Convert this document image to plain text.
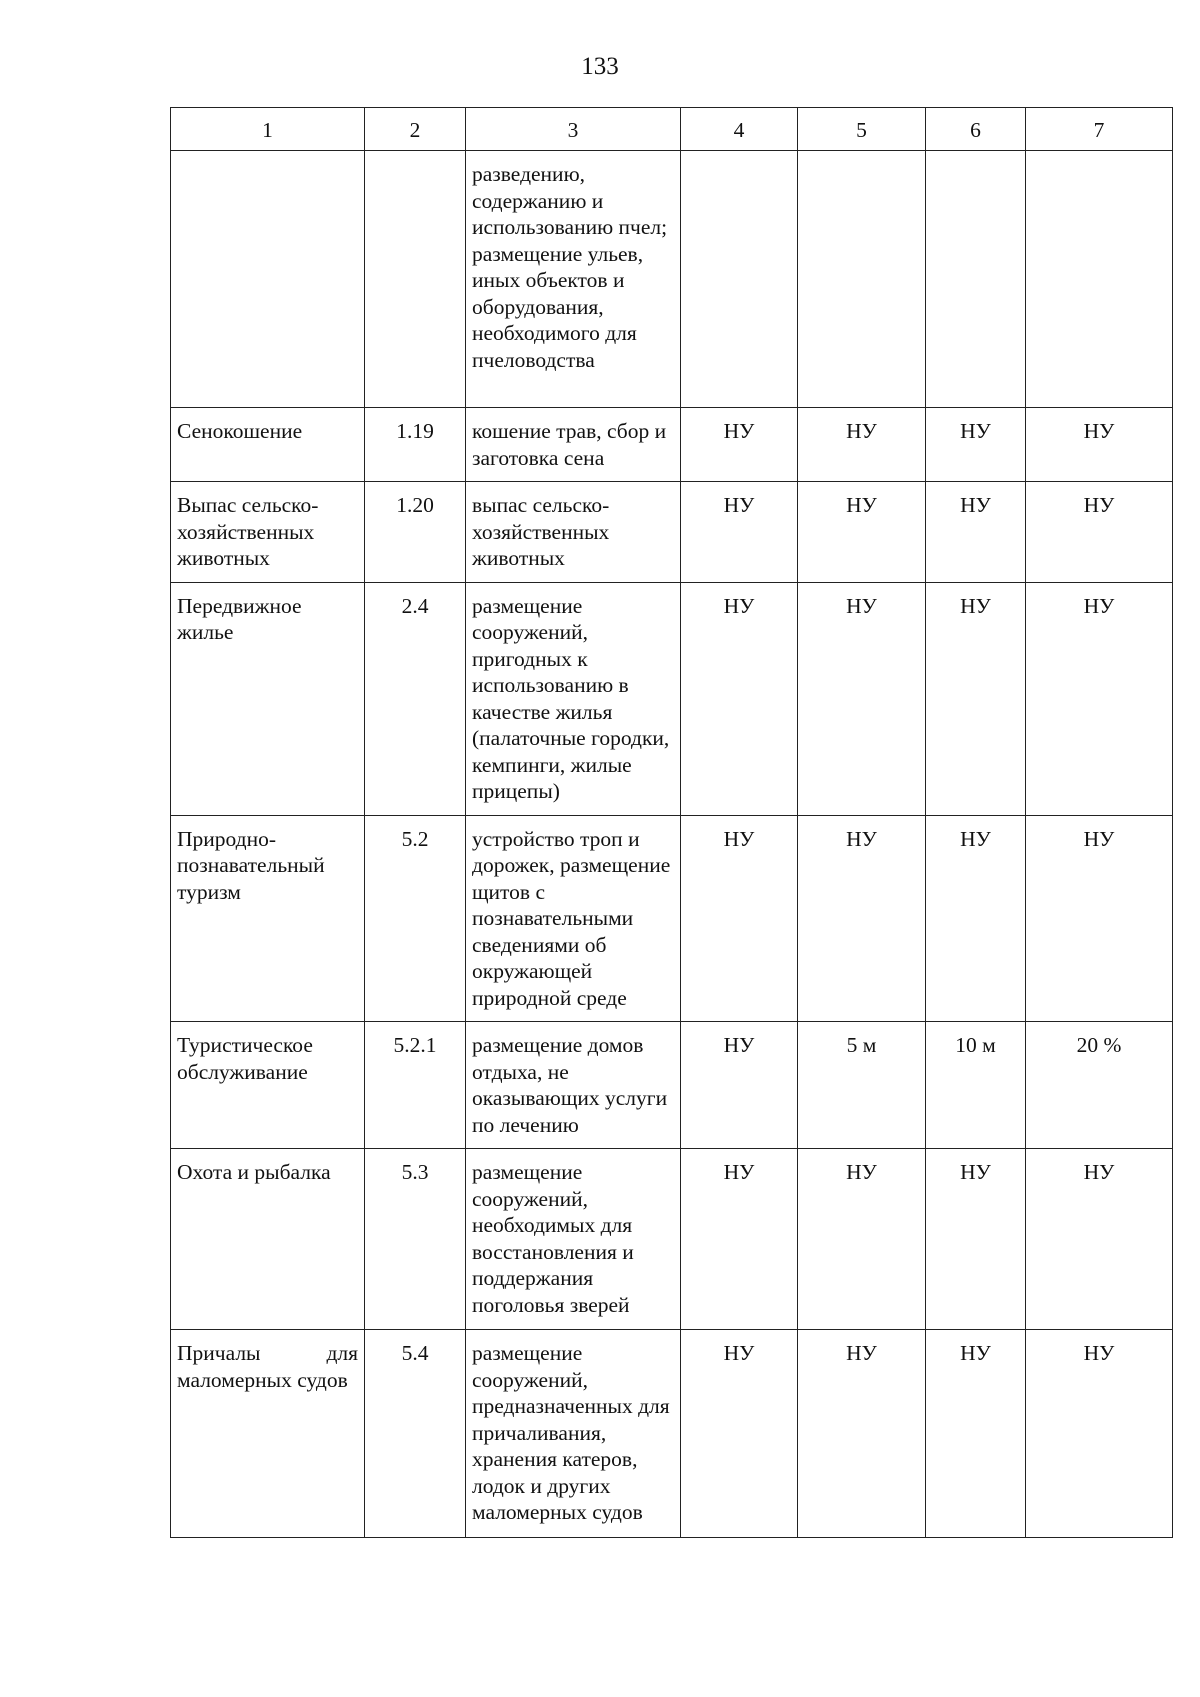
133
1	2	3	4	5	6	7
		разведению, содержанию и использованию пчел; размещение ульев, иных объектов и оборудования, необходимого для пчеловодства				
Сенокошение	1.19	кошение трав, сбор и заготовка сена	НУ	НУ	НУ	НУ
Выпас сельско-хозяйственных животных	1.20	выпас сельско-хозяйственных животных	НУ	НУ	НУ	НУ
Передвижное жилье	2.4	размещение сооружений, пригодных к использованию в качестве жилья (палаточные городки, кемпинги, жилые прицепы)	НУ	НУ	НУ	НУ
Природно-познавательный туризм	5.2	устройство троп и дорожек, размещение щитов с познавательными сведениями об окружающей природной среде	НУ	НУ	НУ	НУ
Туристическое обслуживание	5.2.1	размещение домов отдыха, не оказывающих услуги по лечению	НУ	5 м	10 м	20 %
Охота и рыбалка	5.3	размещение сооружений, необходимых для восстановления и поддержания поголовья зверей	НУ	НУ	НУ	НУ
Причалы для маломерных судов	5.4	размещение сооружений, предназначенных для причаливания, хранения катеров, лодок и других маломерных судов	НУ	НУ	НУ	НУ
